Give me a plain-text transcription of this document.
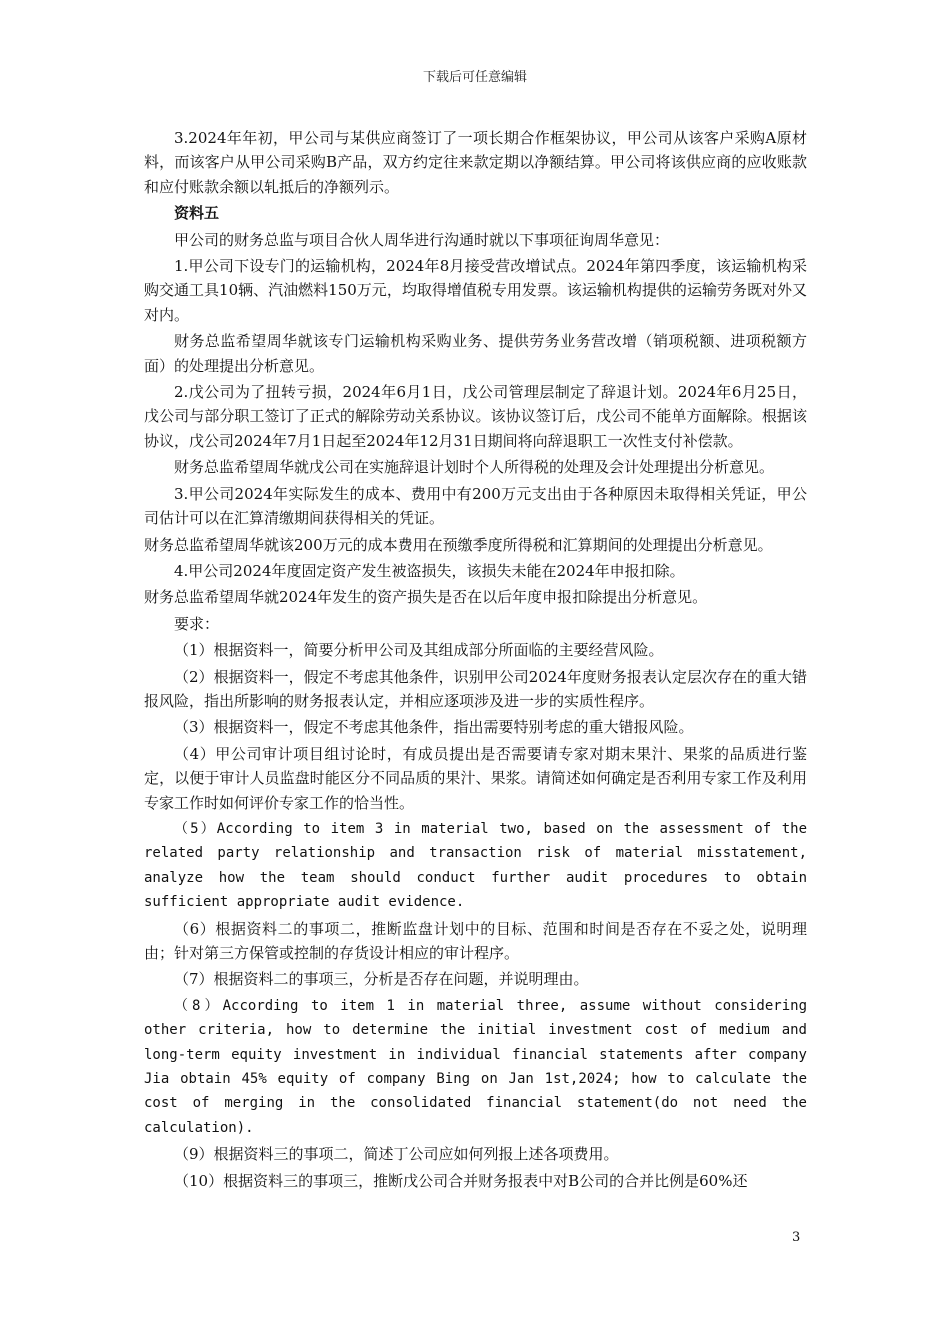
下载后可任意编辑

3.2024年年初，甲公司与某供应商签订了一项长期合作框架协议，甲公司从该客户采购A原材料，而该客户从甲公司采购B产品，双方约定往来款定期以净额结算。甲公司将该供应商的应收账款和应付账款余额以轧抵后的净额列示。

资料五

甲公司的财务总监与项目合伙人周华进行沟通时就以下事项征询周华意见：

1.甲公司下设专门的运输机构，2024年8月接受营改增试点。2024年第四季度，该运输机构采购交通工具10辆、汽油燃料150万元，均取得增值税专用发票。该运输机构提供的运输劳务既对外又对内。

财务总监希望周华就该专门运输机构采购业务、提供劳务业务营改增（销项税额、进项税额方面）的处理提出分析意见。

2.戊公司为了扭转亏损，2024年6月1日，戊公司管理层制定了辞退计划。2024年6月25日，戊公司与部分职工签订了正式的解除劳动关系协议。该协议签订后，戊公司不能单方面解除。根据该协议，戊公司2024年7月1日起至2024年12月31日期间将向辞退职工一次性支付补偿款。

财务总监希望周华就戊公司在实施辞退计划时个人所得税的处理及会计处理提出分析意见。

3.甲公司2024年实际发生的成本、费用中有200万元支出由于各种原因未取得相关凭证，甲公司估计可以在汇算清缴期间获得相关的凭证。

财务总监希望周华就该200万元的成本费用在预缴季度所得税和汇算期间的处理提出分析意见。

4.甲公司2024年度固定资产发生被盗损失，该损失未能在2024年申报扣除。

财务总监希望周华就2024年发生的资产损失是否在以后年度申报扣除提出分析意见。

要求：

（1）根据资料一，简要分析甲公司及其组成部分所面临的主要经营风险。

（2）根据资料一，假定不考虑其他条件，识别甲公司2024年度财务报表认定层次存在的重大错报风险，指出所影响的财务报表认定，并相应逐项涉及进一步的实质性程序。

（3）根据资料一，假定不考虑其他条件，指出需要特别考虑的重大错报风险。

（4）甲公司审计项目组讨论时，有成员提出是否需要请专家对期末果汁、果浆的品质进行鉴定，以便于审计人员监盘时能区分不同品质的果汁、果浆。请简述如何确定是否利用专家工作及利用专家工作时如何评价专家工作的恰当性。

（5）According to item 3 in material two, based on the assessment of the related party relationship and transaction risk of material misstatement, analyze how the team should conduct further audit procedures to obtain sufficient appropriate audit evidence.

（6）根据资料二的事项二，推断监盘计划中的目标、范围和时间是否存在不妥之处，说明理由；针对第三方保管或控制的存货设计相应的审计程序。

（7）根据资料二的事项三，分析是否存在问题，并说明理由。

（8）According to item 1 in material three, assume without considering other criteria, how to determine the initial investment cost of medium and long-term equity investment in individual financial statements after company Jia obtain 45% equity of company Bing on Jan 1st,2024; how to calculate the cost of merging in the consolidated financial statement(do not need the calculation).

（9）根据资料三的事项二，简述丁公司应如何列报上述各项费用。

（10）根据资料三的事项三，推断戊公司合并财务报表中对B公司的合并比例是60%还

3
